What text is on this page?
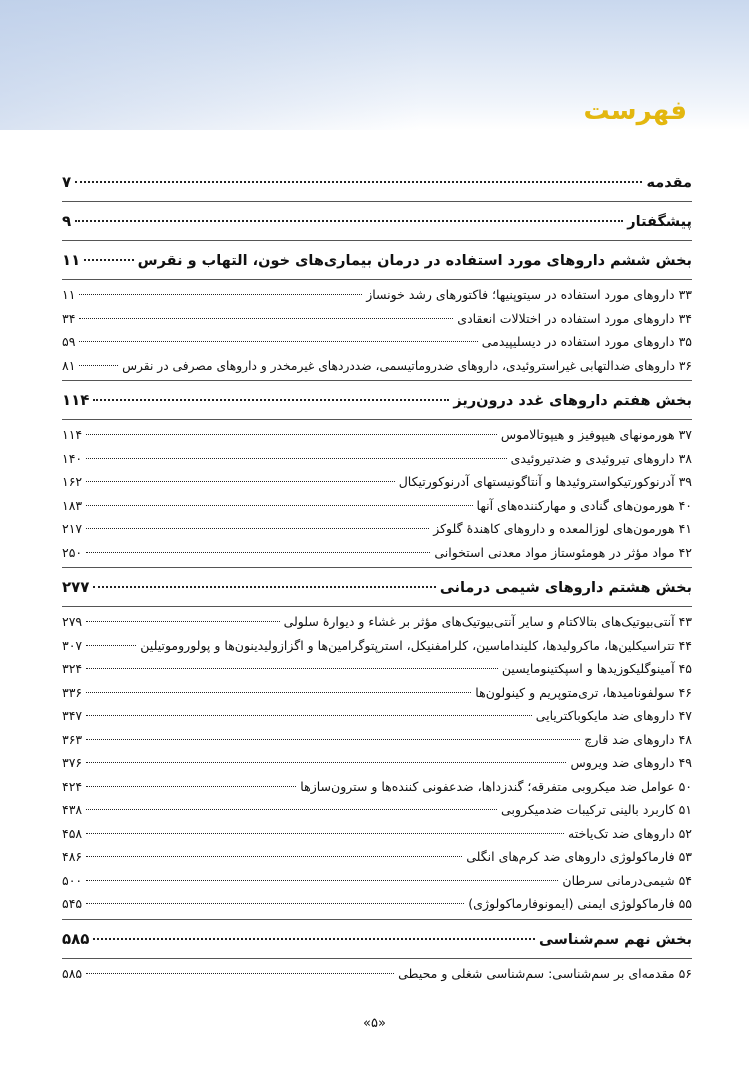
فهرست
مقدمه
۷
پیشگفتار
۹
بخش ششم داروهای مورد استفاده در درمان بیماری‌های خون، التهاب و نقرس
۱۱
۳۳ داروهای مورد استفاده در سیتوپنیها؛ فاکتورهای رشد خونساز
۱۱
۳۴ داروهای مورد استفاده در اختلالات انعقادی
۳۴
۳۵ داروهای مورد استفاده در دیسلیپیدمی
۵۹
۳۶ داروهای ضدالتهابی غیراستروئیدی، داروهای ضدروماتیسمی، ضددردهای غیرمخدر و داروهای مصرفی در نقرس
۸۱
بخش هفتم داروهای غدد درون‌ریز
۱۱۴
۳۷ هورمونهای هیپوفیز و هیپوتالاموس
۱۱۴
۳۸ داروهای تیروئیدی و ضدتیروئیدی
۱۴۰
۳۹ آدرنوکورتیکواستروئیدها و آنتاگونیستهای آدرنوکورتیکال
۱۶۲
۴۰ هورمون‌های گنادی و مهارکننده‌های آنها
۱۸۳
۴۱ هورمون‌های لوزالمعده و داروهای کاهندهٔ گلوکز
۲۱۷
۴۲ مواد مؤثر در هومئوستاز مواد معدنی استخوانی
۲۵۰
بخش هشتم داروهای شیمی درمانی
۲۷۷
۴۳ آنتی‌بیوتیک‌های بتالاکتام و سایر آنتی‌بیوتیک‌های مؤثر بر غشاء و دیوارهٔ سلولی
۲۷۹
۴۴ تتراسیکلین‌ها، ماکرولیدها، کلینداماسین، کلرامفنیکل، استرپتوگرامین‌ها و اگزازولیدینون‌ها و پولوروموتیلین
۳۰۷
۴۵ آمینوگلیکوزیدها و اسپکتینومایسین
۳۲۴
۴۶ سولفونامیدها، تری‌متوپریم و کینولون‌ها
۳۳۶
۴۷ داروهای ضد مایکوباکتریایی
۳۴۷
۴۸ داروهای ضد قارچ
۳۶۳
۴۹ داروهای ضد ویروس
۳۷۶
۵۰ عوامل ضد میکروبی متفرقه؛ گندزداها، ضدعفونی کننده‌ها و سترون‌سازها
۴۲۴
۵۱ کاربرد بالینی ترکیبات ضدمیکروبی
۴۳۸
۵۲ داروهای ضد تک‌یاخته
۴۵۸
۵۳ فارماکولوژی داروهای ضد کرم‌های انگلی
۴۸۶
۵۴ شیمی‌درمانی سرطان
۵۰۰
۵۵ فارماکولوژی ایمنی (ایمونوفارماکولوژی)
۵۴۵
بخش نهم سم‌شناسی
۵۸۵
۵۶ مقدمه‌ای بر سم‌شناسی: سم‌شناسی شغلی و محیطی
۵۸۵
«۵»
